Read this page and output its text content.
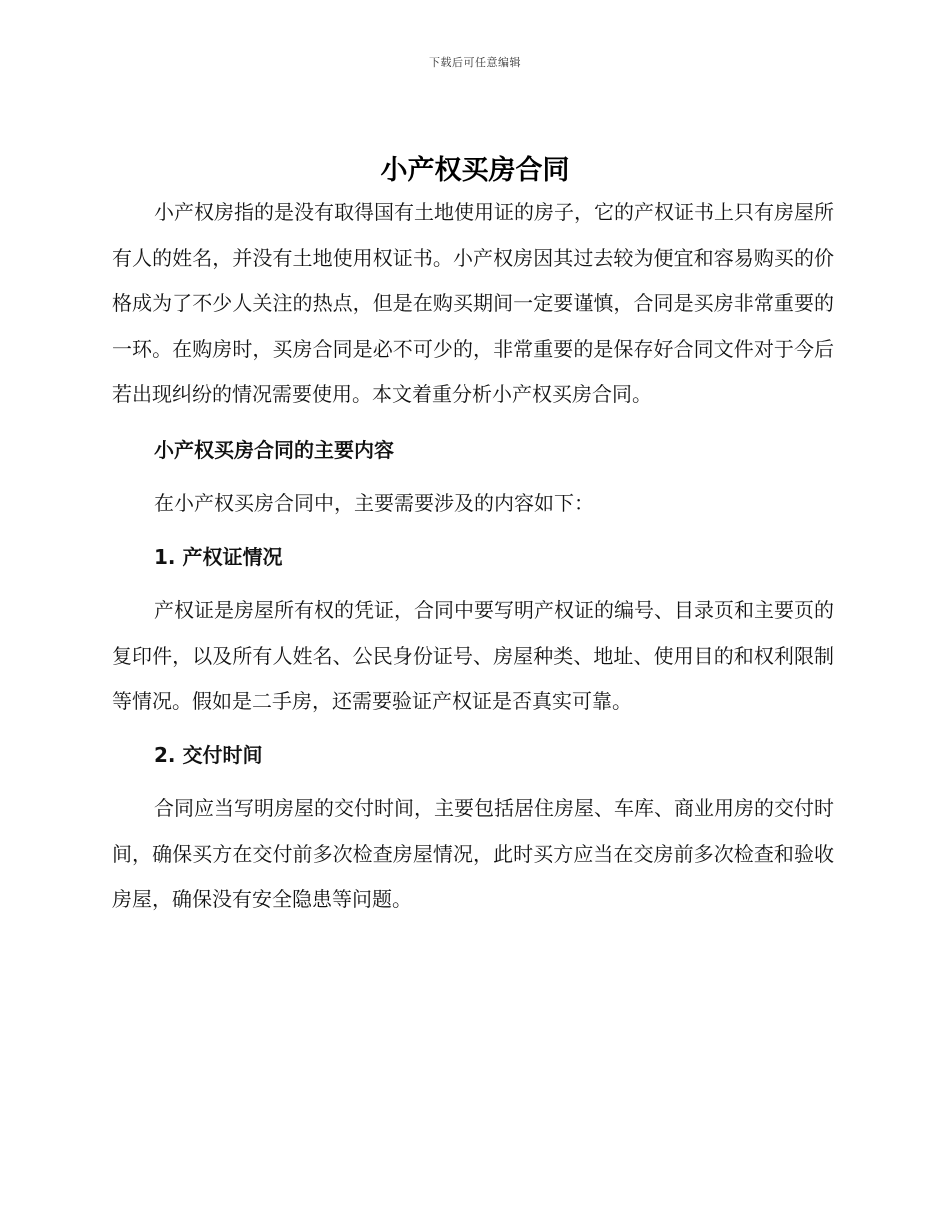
下载后可任意编辑
小产权买房合同

小产权房指的是没有取得国有土地使用证的房子，它的产权证书上只有房屋所有人的姓名，并没有土地使用权证书。小产权房因其过去较为便宜和容易购买的价格成为了不少人关注的热点，但是在购买期间一定要谨慎，合同是买房非常重要的一环。在购房时，买房合同是必不可少的，非常重要的是保存好合同文件对于今后若出现纠纷的情况需要使用。本文着重分析小产权买房合同。

小产权买房合同的主要内容

在小产权买房合同中，主要需要涉及的内容如下：

1. 产权证情况

产权证是房屋所有权的凭证，合同中要写明产权证的编号、目录页和主要页的复印件，以及所有人姓名、公民身份证号、房屋种类、地址、使用目的和权利限制等情况。假如是二手房，还需要验证产权证是否真实可靠。

2. 交付时间

合同应当写明房屋的交付时间，主要包括居住房屋、车库、商业用房的交付时间，确保买方在交付前多次检查房屋情况，此时买方应当在交房前多次检查和验收房屋，确保没有安全隐患等问题。
